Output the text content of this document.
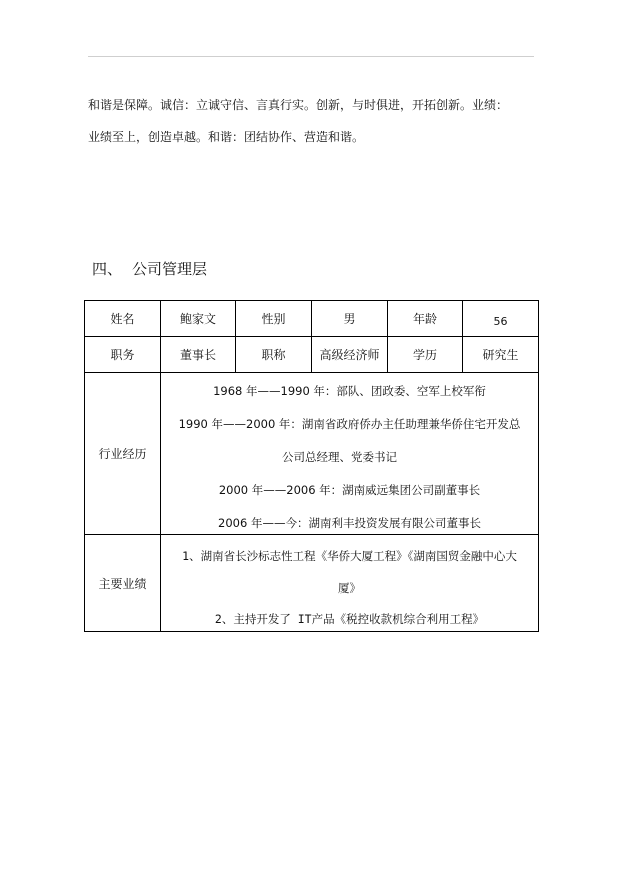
和谐是保障。诚信：立诚守信、言真行实。创新，与时俱进，开拓创新。业绩：
业绩至上，创造卓越。和谐：团结协作、营造和谐。
四、 公司管理层
姓名	鲍家文	性别	男	年龄	56
职务	董事长	职称	高级经济师	学历	研究生
行业经历	1968 年——1990 年：部队、团政委、空军上校军衔
1990 年——2000 年：湖南省政府侨办主任助理兼华侨住宅开发总
公司总经理、党委书记
2000 年——2006 年：湖南威远集团公司副董事长
2006 年——今：湖南利丰投资发展有限公司董事长				

主要业绩	1、湖南省长沙标志性工程《华侨大厦工程》《湖南国贸金融中心大
厦》
2、主持开发了 IT产品《税控收款机综合利用工程》				
